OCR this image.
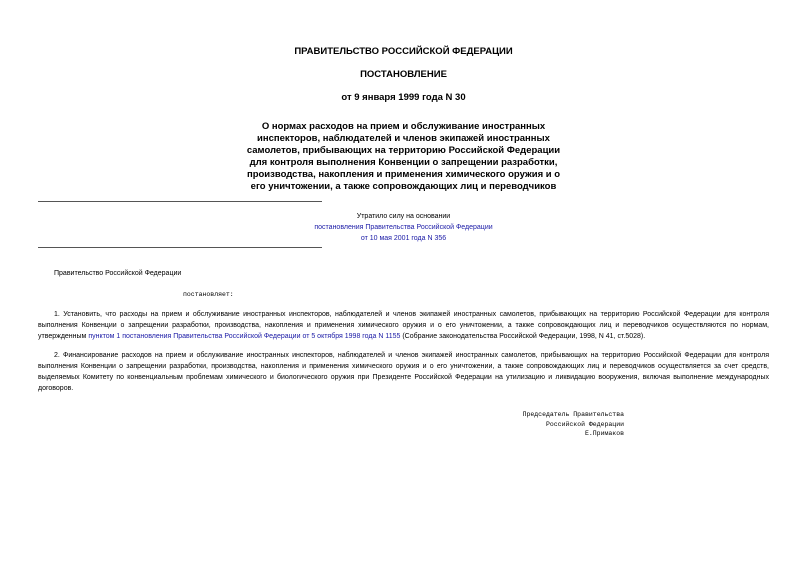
ПРАВИТЕЛЬСТВО РОССИЙСКОЙ ФЕДЕРАЦИИ
ПОСТАНОВЛЕНИЕ
от 9 января 1999 года N 30
О нормах расходов на прием и обслуживание иностранных
инспекторов, наблюдателей и членов экипажей иностранных
самолетов, прибывающих на территорию Российской Федерации
для контроля выполнения Конвенции о запрещении разработки,
производства, накопления и применения химического оружия и о
его уничтожении, а также сопровождающих лиц и переводчиков
Утратило силу на основании
постановления Правительства Российской Федерации
от 10 мая 2001 года N 356
Правительство Российской Федерации
постановляет:

1. Установить, что расходы на прием и обслуживание иностранных инспекторов, наблюдателей и членов экипажей иностранных самолетов, прибывающих на территорию Российской Федерации для контроля выполнения Конвенции о запрещении разработки, производства, накопления и применения химического оружия и о его уничтожении, а также сопровождающих лиц и переводчиков осуществляются по нормам, утвержденным пунктом 1 постановления Правительства Российской Федерации от 5 октября 1998 года N 1155 (Собрание законодательства Российской Федерации, 1998, N 41, ст.5028).

2. Финансирование расходов на прием и обслуживание иностранных инспекторов, наблюдателей и членов экипажей иностранных самолетов, прибывающих на территорию Российской Федерации для контроля выполнения Конвенции о запрещении разработки, производства, накопления и применения химического оружия и о его уничтожении, а также сопровождающих лиц и переводчиков осуществляется за счет средств, выделяемых Комитету по конвенциальным проблемам химического и биологического оружия при Президенте Российской Федерации на утилизацию и ликвидацию вооружения, включая выполнение международных договоров.

Председатель Правительства
Российской Федерации
Е.Примаков
